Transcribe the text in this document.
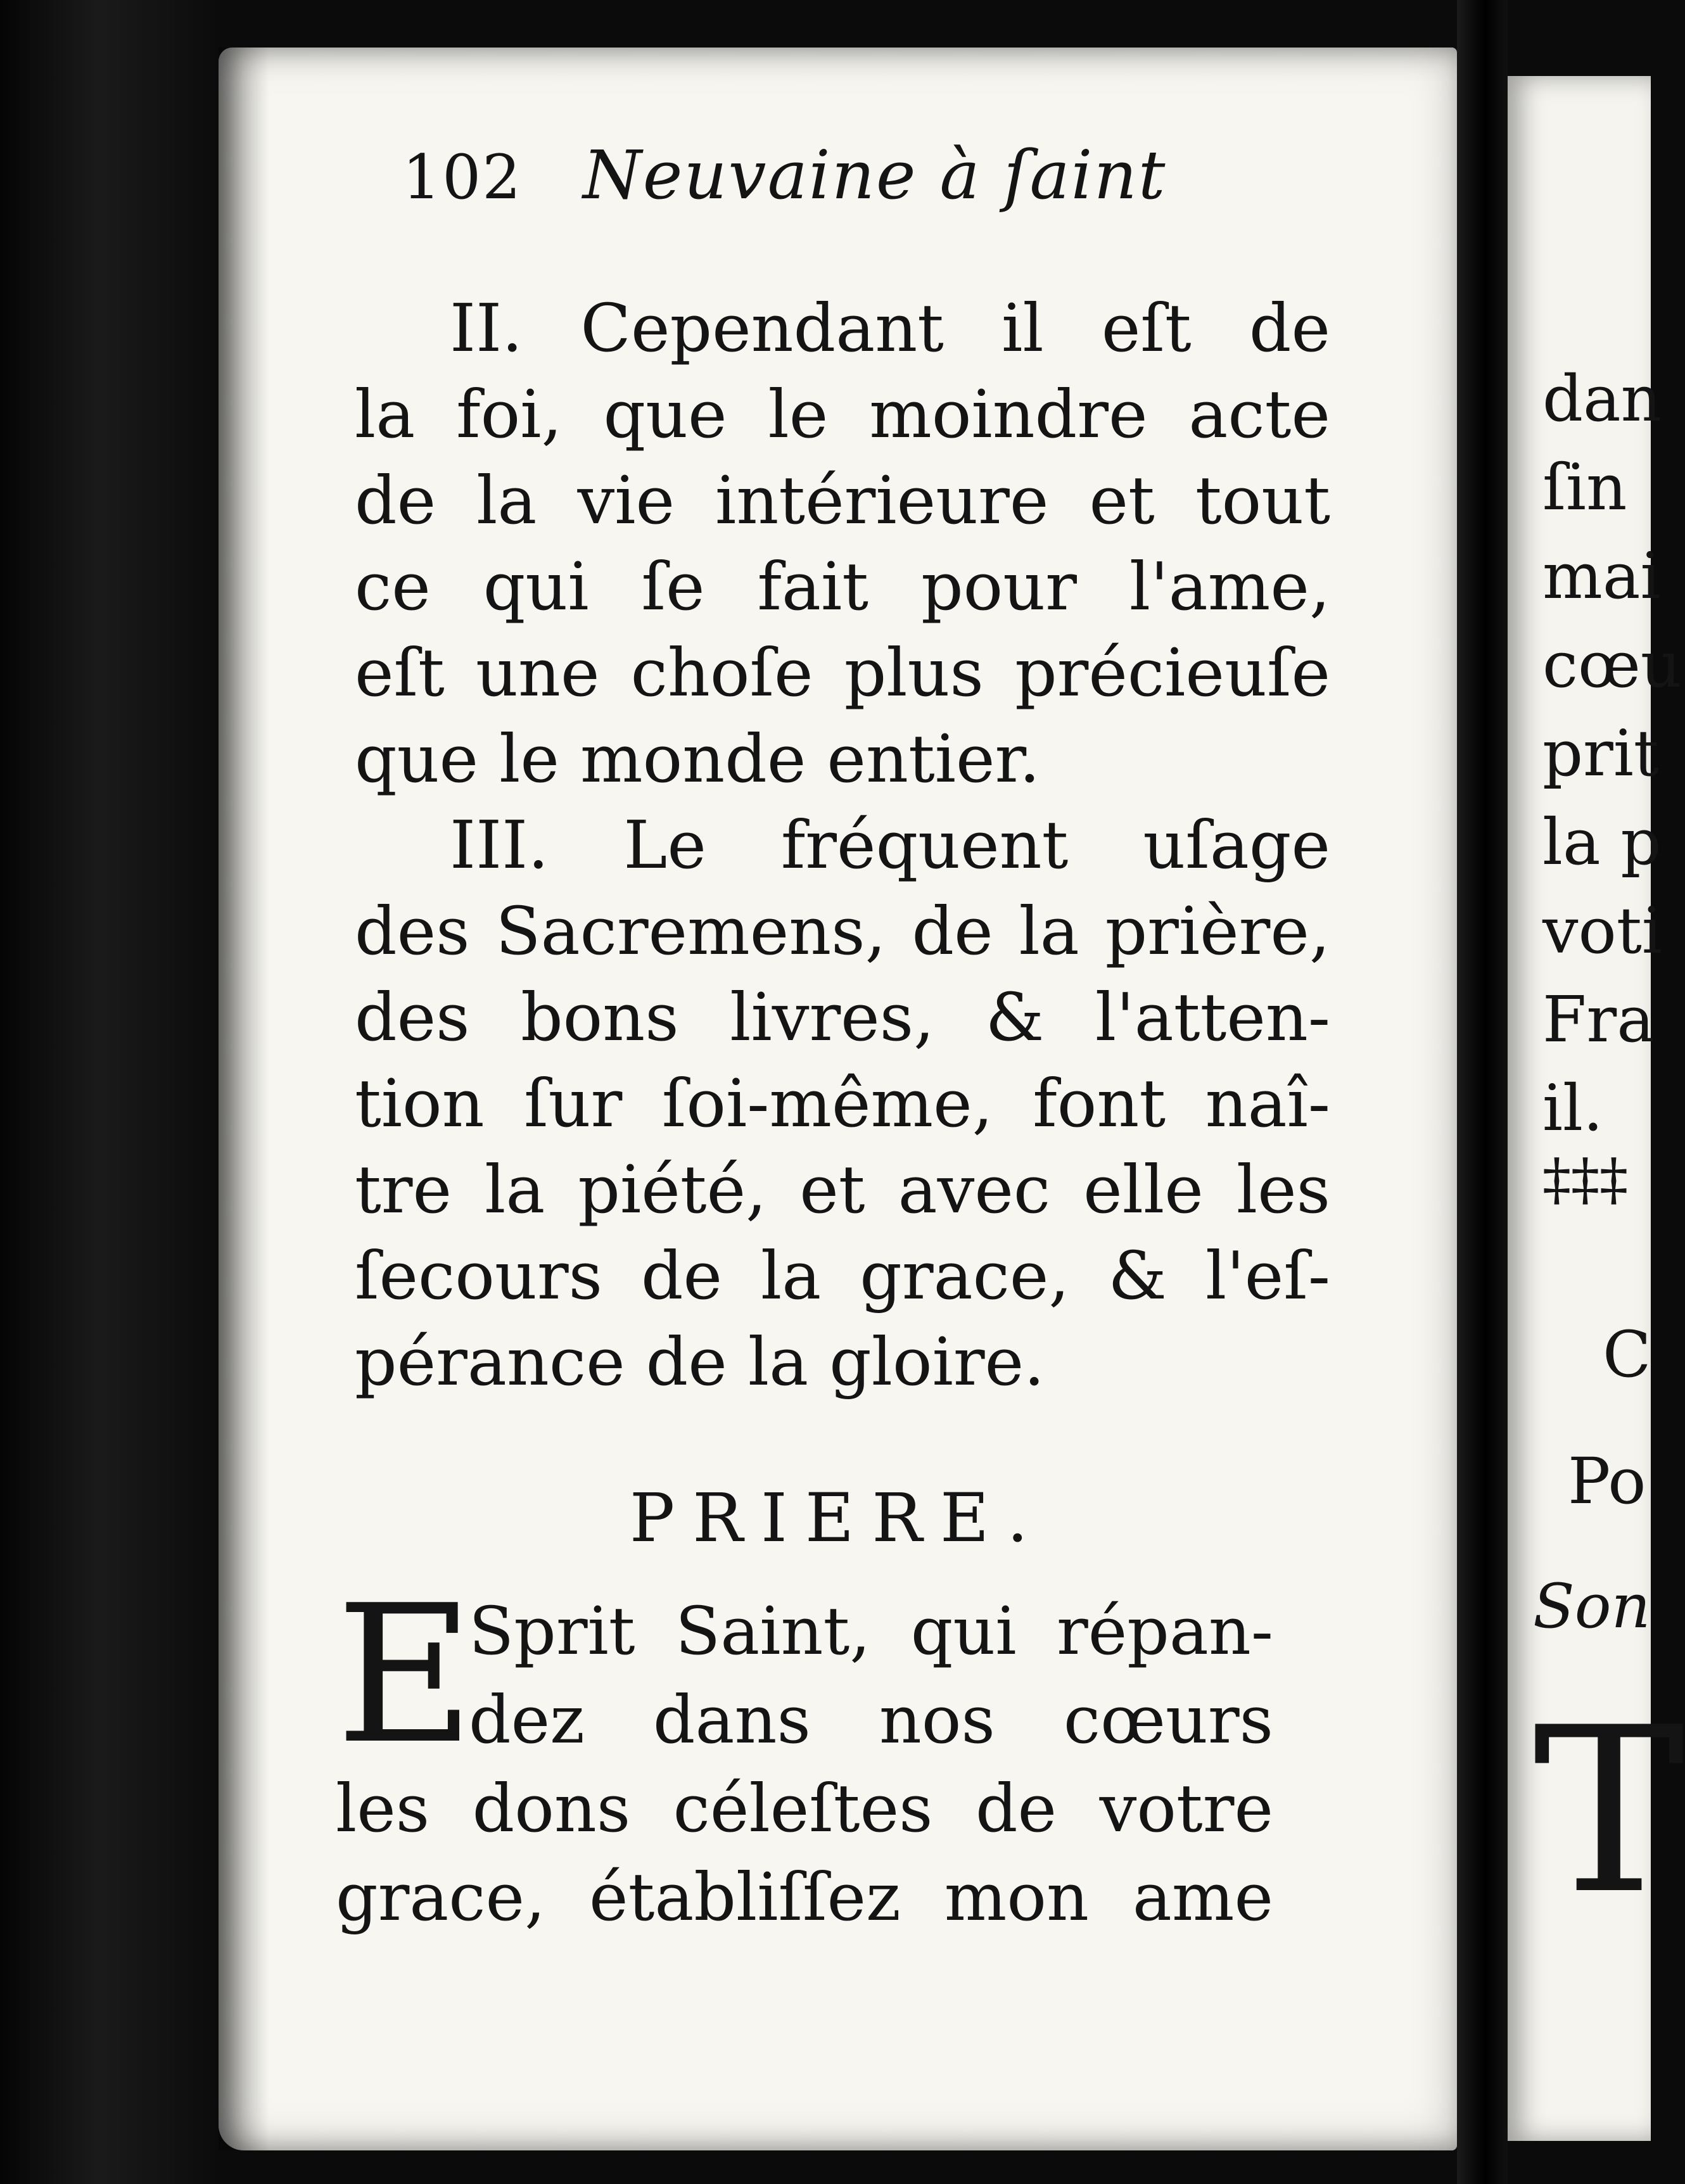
102 Neuvaine à ſaint
II. Cependant il eſt de
la foi, que le moindre acte
de la vie intérieure et tout
ce qui ſe fait pour l'ame,
eſt une choſe plus précieuſe
que le monde entier.
III. Le fréquent uſage
des Sacremens, de la prière,
des bons livres, & l'atten-
tion ſur ſoi-même, font naî-
tre la piété, et avec elle les
ſecours de la grace, & l'eſ-
pérance de la gloire.
PRIERE.
E
Sprit Saint, qui répan-
dez dans nos cœurs
les dons céleſtes de votre
grace, établiſſez mon ame
dan
ſin
mai
cœu
prit
la p
voti
Fra
il.
‡‡‡
C
Po
Son
T
